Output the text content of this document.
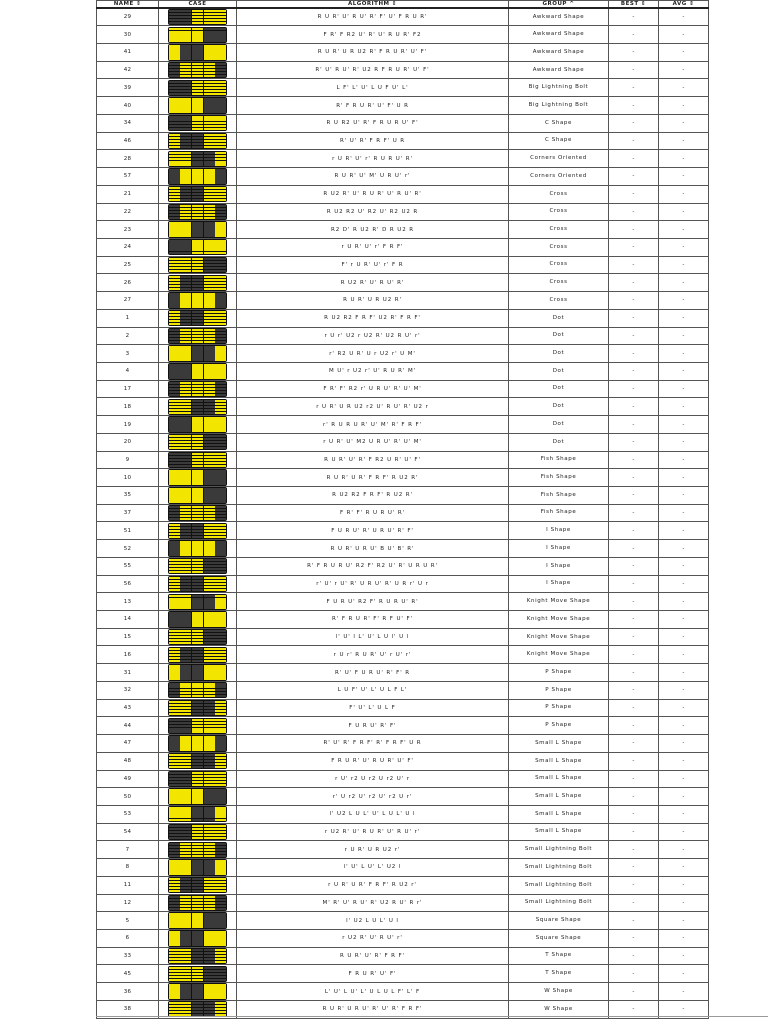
NAME ⇕	CASE	ALGORITHM ⇕	GROUP ^	BEST ⇕	AVG ⇕
29		R U R' U' R U' R' F' U' F R U R'	Awkward Shape	-	-
30		F R' F R2 U' R' U' R U R' F2	Awkward Shape	-	-
41		R U R' U R U2 R' F R U R' U' F'	Awkward Shape	-	-
42		R' U' R U' R' U2 R F R U R' U' F'	Awkward Shape	-	-
39		L F' L' U' L U F U' L'	Big Lightning Bolt	-	-
40		R' F R U R' U' F' U R	Big Lightning Bolt	-	-
34		R U R2 U' R' F R U R U' F'	C Shape	-	-
46		R' U' R' F R F' U R	C Shape	-	-
28		r U R' U' r' R U R U' R'	Corners Oriented	-	-
57		R U R' U' M' U R U' r'	Corners Oriented	-	-
21		R U2 R' U' R U R' U' R U' R'	Cross	-	-
22		R U2 R2 U' R2 U' R2 U2 R	Cross	-	-
23		R2 D' R U2 R' D R U2 R	Cross	-	-
24		r U R' U' r' F R F'	Cross	-	-
25		F' r U R' U' r' F R	Cross	-	-
26		R U2 R' U' R U' R'	Cross	-	-
27		R U R' U R U2 R'	Cross	-	-
1		R U2 R2 F R F' U2 R' F R F'	Dot	-	-
2		r U r' U2 r U2 R' U2 R U' r'	Dot	-	-
3		r' R2 U R' U r U2 r' U M'	Dot	-	-
4		M U' r U2 r' U' R U R' M'	Dot	-	-
17		F R' F' R2 r' U R U' R' U' M'	Dot	-	-
18		r U R' U R U2 r2 U' R U' R' U2 r	Dot	-	-
19		r' R U R U R' U' M' R' F R F'	Dot	-	-
20		r U R' U' M2 U R U' R' U' M'	Dot	-	-
9		R U R' U' R' F R2 U R' U' F'	Fish Shape	-	-
10		R U R' U R' F R F' R U2 R'	Fish Shape	-	-
35		R U2 R2 F R F' R U2 R'	Fish Shape	-	-
37		F R' F' R U R U' R'	Fish Shape	-	-
51		F U R U' R' U R U' R' F'	I Shape	-	-
52		R U R' U R U' B U' B' R'	I Shape	-	-
55		R' F R U R U' R2 F' R2 U' R' U R U R'	I Shape	-	-
56		r' U' r U' R' U R U' R' U R r' U r	I Shape	-	-
13		F U R U' R2 F' R U R U' R'	Knight Move Shape	-	-
14		R' F R U R' F' R F U' F'	Knight Move Shape	-	-
15		l' U' l L' U' L U l' U l	Knight Move Shape	-	-
16		r U r' R U R' U' r U' r'	Knight Move Shape	-	-
31		R' U' F U R U' R' F' R	P Shape	-	-
32		L U F' U' L' U L F L'	P Shape	-	-
43		F' U' L' U L F	P Shape	-	-
44		F U R U' R' F'	P Shape	-	-
47		R' U' R' F R F' R' F R F' U R	Small L Shape	-	-
48		F R U R' U' R U R' U' F'	Small L Shape	-	-
49		r U' r2 U r2 U r2 U' r	Small L Shape	-	-
50		r' U r2 U' r2 U' r2 U r'	Small L Shape	-	-
53		l' U2 L U L' U' L U L' U l	Small L Shape	-	-
54		r U2 R' U' R U R' U' R U' r'	Small L Shape	-	-
7		r U R' U R U2 r'	Small Lightning Bolt	-	-
8		l' U' L U' L' U2 l	Small Lightning Bolt	-	-
11		r U R' U R' F R F' R U2 r'	Small Lightning Bolt	-	-
12		M' R' U' R U' R' U2 R U' R r'	Small Lightning Bolt	-	-
5		l' U2 L U L' U l	Square Shape	-	-
6		r U2 R' U' R U' r'	Square Shape	-	-
33		R U R' U' R' F R F'	T Shape	-	-
45		F R U R' U' F'	T Shape	-	-
36		L' U' L U' L' U L U L F' L' F	W Shape	-	-
38		R U R' U R U' R' U' R' F R F'	W Shape	-	-
